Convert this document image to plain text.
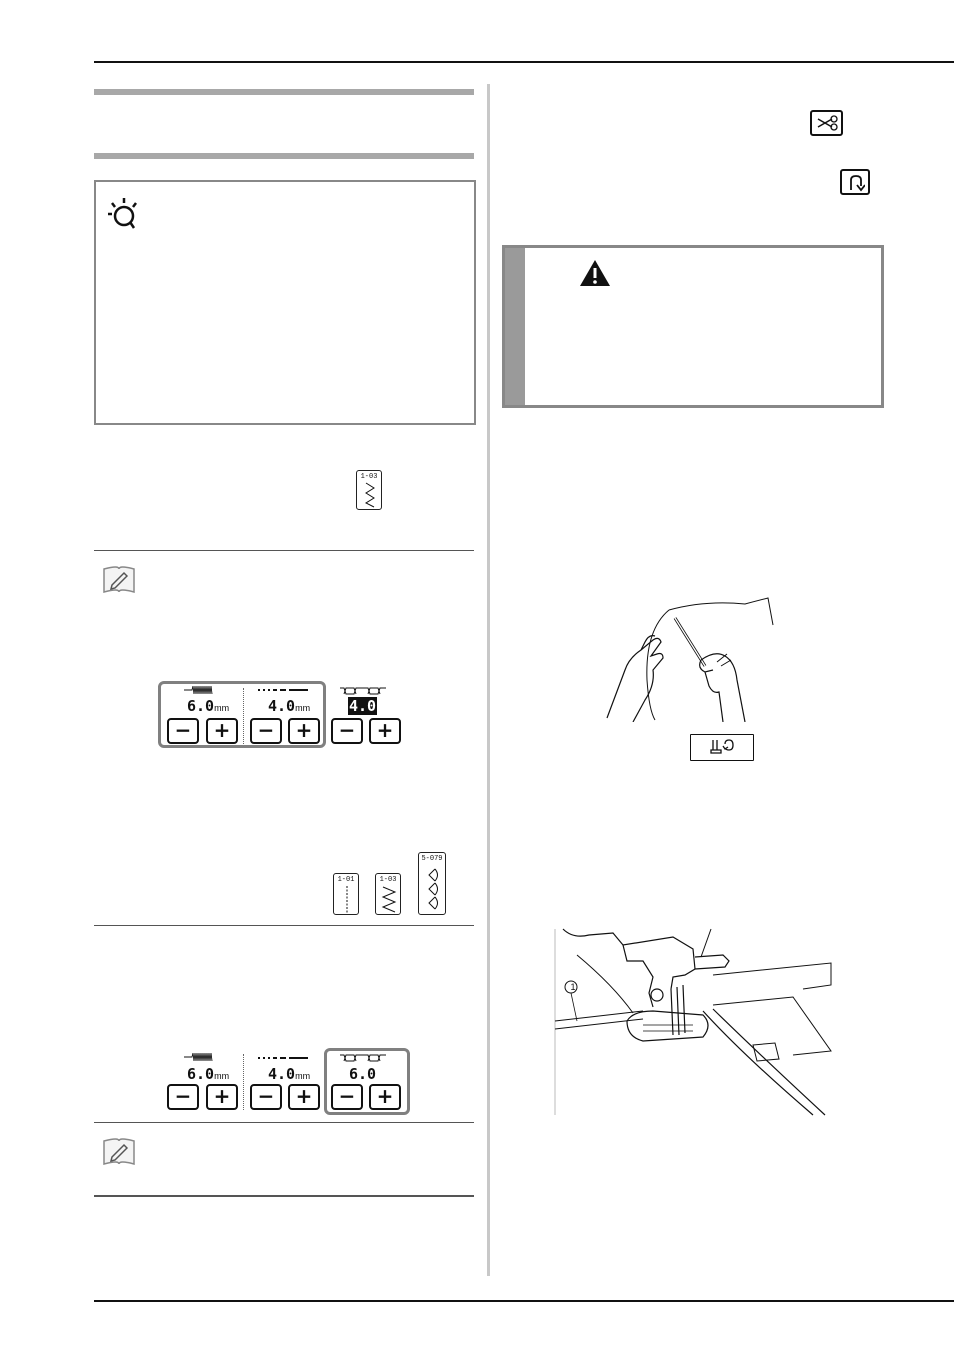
1-03
6.0mm
−	+
4.0mm
−	+
4.0
−	+
1-01	1-03
5-079
6.0mm
−	+
4.0mm
−	+
6.0
−	+
1
